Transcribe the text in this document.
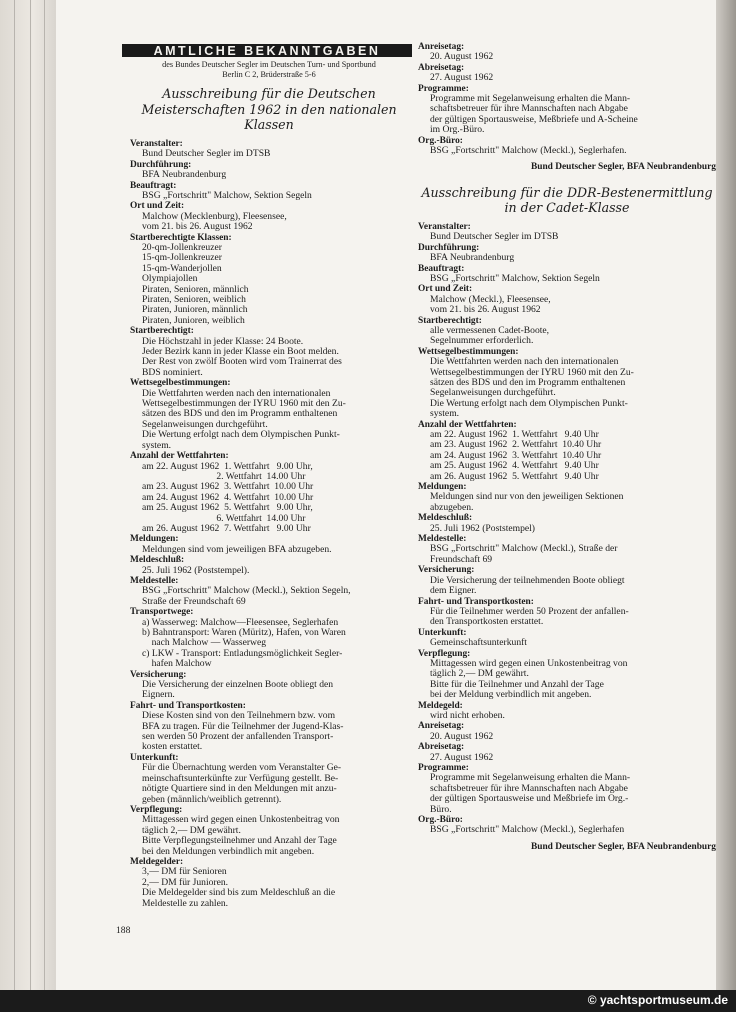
AMTLICHE BEKANNTGABEN
des Bundes Deutscher Segler im Deutschen Turn- und Sportbund
Berlin C 2, Brüderstraße 5-6
Ausschreibung für die Deutschen Meisterschaften 1962 in den nationalen Klassen
Veranstalter:
Bund Deutscher Segler im DTSB
Durchführung:
BFA Neubrandenburg
Beauftragt:
BSG „Fortschritt" Malchow, Sektion Segeln
Ort und Zeit:
Malchow (Mecklenburg), Fleesensee,
vom 21. bis 26. August 1962
Startberechtigte Klassen:
20-qm-Jollenkreuzer
15-qm-Jollenkreuzer
15-qm-Wanderjollen
Olympiajollen
Piraten, Senioren, männlich
Piraten, Senioren, weiblich
Piraten, Junioren, männlich
Piraten, Junioren, weiblich
Startberechtigt:
Die Höchstzahl in jeder Klasse: 24 Boote.
Jeder Bezirk kann in jeder Klasse ein Boot melden.
Der Rest von zwölf Booten wird vom Trainerrat des
BDS nominiert.
Wettsegelbestimmungen:
Die Wettfahrten werden nach den internationalen
Wettsegelbestimmungen der IYRU 1960 mit den Zu-
sätzen des BDS und den im Programm enthaltenen
Segelanweisungen durchgeführt.
Die Wertung erfolgt nach dem Olympischen Punkt-
system.
Anzahl der Wettfahrten:
am 22. August 1962  1. Wettfahrt   9.00 Uhr,
2. Wettfahrt  14.00 Uhr
am 23. August 1962  3. Wettfahrt  10.00 Uhr
am 24. August 1962  4. Wettfahrt  10.00 Uhr
am 25. August 1962  5. Wettfahrt   9.00 Uhr,
6. Wettfahrt  14.00 Uhr
am 26. August 1962  7. Wettfahrt   9.00 Uhr
Meldungen:
Meldungen sind vom jeweiligen BFA abzugeben.
Meldeschluß:
25. Juli 1962 (Poststempel).
Meldestelle:
BSG „Fortschritt" Malchow (Meckl.), Sektion Segeln,
Straße der Freundschaft 69
Transportwege:
a) Wasserweg: Malchow—Fleesensee, Seglerhafen
b) Bahntransport: Waren (Müritz), Hafen, von Waren
nach Malchow — Wasserweg
c) LKW - Transport: Entladungsmöglichkeit Segler-
hafen Malchow
Versicherung:
Die Versicherung der einzelnen Boote obliegt den
Eignern.
Fahrt- und Transportkosten:
Diese Kosten sind von den Teilnehmern bzw. vom
BFA zu tragen. Für die Teilnehmer der Jugend-Klas-
sen werden 50 Prozent der anfallenden Transport-
kosten erstattet.
Unterkunft:
Für die Übernachtung werden vom Veranstalter Ge-
meinschaftsunterkünfte zur Verfügung gestellt. Be-
nötigte Quartiere sind in den Meldungen mit anzu-
geben (männlich/weiblich getrennt).
Verpflegung:
Mittagessen wird gegen einen Unkostenbeitrag von
täglich 2,— DM gewährt.
Bitte Verpflegungsteilnehmer und Anzahl der Tage
bei den Meldungen verbindlich mit angeben.
Meldegelder:
3,— DM für Senioren
2,— DM für Junioren.
Die Meldegelder sind bis zum Meldeschluß an die
Meldestelle zu zahlen.
188
Anreisetag:
20. August 1962
Abreisetag:
27. August 1962
Programme:
Programme mit Segelanweisung erhalten die Mann-
schaftsbetreuer für ihre Mannschaften nach Abgabe
der gültigen Sportausweise, Meßbriefe und A-Scheine
im Org.-Büro.
Org.-Büro:
BSG „Fortschritt" Malchow (Meckl.), Seglerhafen.
Bund Deutscher Segler, BFA Neubrandenburg
Ausschreibung für die DDR-Bestenermittlung in der Cadet-Klasse
Veranstalter:
Bund Deutscher Segler im DTSB
Durchführung:
BFA Neubrandenburg
Beauftragt:
BSG „Fortschritt" Malchow, Sektion Segeln
Ort und Zeit:
Malchow (Meckl.), Fleesensee,
vom 21. bis 26. August 1962
Startberechtigt:
alle vermessenen Cadet-Boote,
Segelnummer erforderlich.
Wettsegelbestimmungen:
Die Wettfahrten werden nach den internationalen
Wettsegelbestimmungen der IYRU 1960 mit den Zu-
sätzen des BDS und den im Programm enthaltenen
Segelanweisungen durchgeführt.
Die Wertung erfolgt nach dem Olympischen Punkt-
system.
Anzahl der Wettfahrten:
am 22. August 1962  1. Wettfahrt   9.40 Uhr
am 23. August 1962  2. Wettfahrt  10.40 Uhr
am 24. August 1962  3. Wettfahrt  10.40 Uhr
am 25. August 1962  4. Wettfahrt   9.40 Uhr
am 26. August 1962  5. Wettfahrt   9.40 Uhr
Meldungen:
Meldungen sind nur von den jeweiligen Sektionen
abzugeben.
Meldeschluß:
25. Juli 1962 (Poststempel)
Meldestelle:
BSG „Fortschritt" Malchow (Meckl.), Straße der
Freundschaft 69
Versicherung:
Die Versicherung der teilnehmenden Boote obliegt
dem Eigner.
Fahrt- und Transportkosten:
Für die Teilnehmer werden 50 Prozent der anfallen-
den Transportkosten erstattet.
Unterkunft:
Gemeinschaftsunterkunft
Verpflegung:
Mittagessen wird gegen einen Unkostenbeitrag von
täglich 2,— DM gewährt.
Bitte für die Teilnehmer und Anzahl der Tage
bei der Meldung verbindlich mit angeben.
Meldegeld:
wird nicht erhoben.
Anreisetag:
20. August 1962
Abreisetag:
27. August 1962
Programme:
Programme mit Segelanweisung erhalten die Mann-
schaftsbetreuer für ihre Mannschaften nach Abgabe
der gültigen Sportausweise und Meßbriefe im Org.-
Büro.
Org.-Büro:
BSG „Fortschritt" Malchow (Meckl.), Seglerhafen
Bund Deutscher Segler, BFA Neubrandenburg
© yachtsportmuseum.de
